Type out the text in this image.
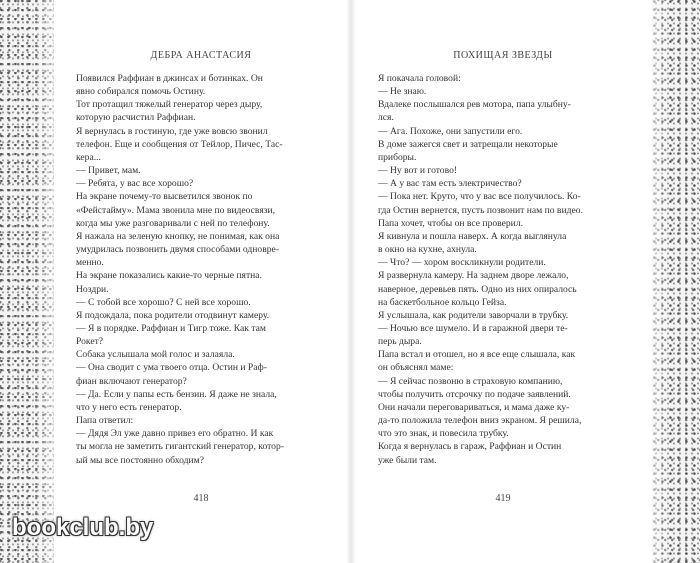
ДЕБРА АНАСТАСИЯ

Появился Раффиан в джинсах и ботинках. Он

явно собирался помочь Остину.

Тот протащил тяжелый генератор через дыру,

которую расчистил Раффиан.

Я вернулась в гостиную, где уже вовсю звонил

телефон. Еще и сообщения от Тейлор, Пичес, Тас-

кера...

— Привет, мам.

— Ребята, у вас все хорошо?

На экране почему-то высветился звонок по

«Фейстайму». Мама звонила мне по видеосвязи,

когда мы уже разговаривали с ней по телефону.

Я нажала на зеленую кнопку, не понимая, как она

умудрилась позвонить двумя способами одновре-

менно.

На экране показались какие-то черные пятна.

Ноздри.

— С тобой все хорошо? С ней все хорошо.

Я подождала, пока родители отодвинут камеру.

— Я в порядке. Раффиан и Тигр тоже. Как там

Рокет?

Собака услышала мой голос и залаяла.

— Она сводит с ума твоего отца. Остин и Раф-

фиан включают генератор?

— Да. Если у папы есть бензин. Я даже не знала,

что у него есть генератор.

Папа ответил:

— Дядя Эл уже давно привез его обратно. И как

ты могла не заметить гигантский генератор, котор-

ый мы все постоянно обходим?

418
ПОХИЩАЯ ЗВЕЗДЫ

Я покачала головой:

— Не знаю.

Вдалеке послышался рев мотора, папа улыбну-

лся.

— Ага. Похоже, они запустили его.

В доме зажегся свет и затрещали некоторые

приборы.

— Ну вот и готово!

— А у вас там есть электричество?

— Пока нет. Круто, что у вас все получилось. Ко-

гда Остин вернется, пусть позвонит нам по видео.

Папа хочет, чтобы он все проверил.

Я кивнула и пошла наверх. А когда выглянула

в окно на кухне, ахнула.

— Что? — хором воскликнули родители.

Я развернула камеру. На заднем дворе лежало,

наверное, деревьев пять. Одно из них опиралось

на баскетбольное кольцо Гейза.

Я услышала, как родители заворчали в трубку.

— Ночью все шумело. И в гаражной двери те-

перь дыра.

Папа встал и отошел, но я все еще слышала, как

он объяснял маме:

— Я сейчас позвоню в страховую компанию,

чтобы получить отсрочку по подаче заявлений.

Они начали переговариваться, и мама даже ку-

да-то положила телефон вниз экраном. Я решила,

что это знак, и повесила трубку.

Когда я вернулась в гараж, Раффиан и Остин

уже были там.

419
bookclub.by
